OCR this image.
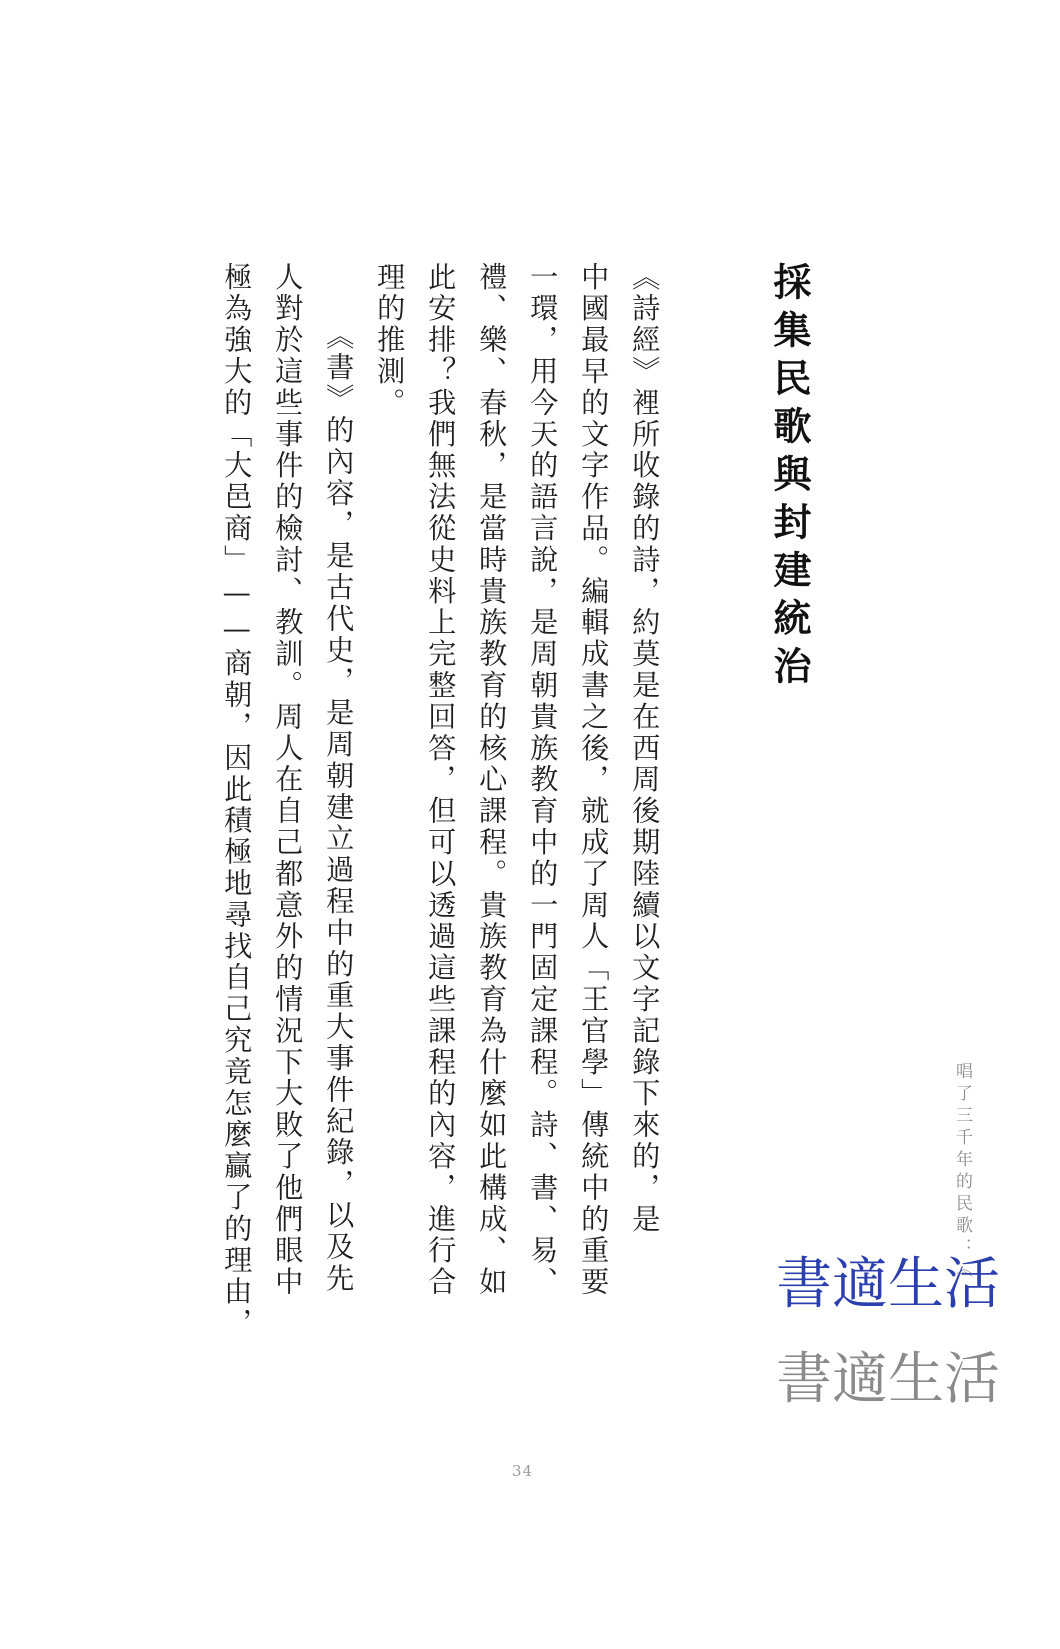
採集民歌與封建統治
《詩經》裡所收錄的詩，約莫是在西周後期陸續以文字記錄下來的，是
中國最早的文字作品。編輯成書之後，就成了周人「王官學」傳統中的重要
一環，用今天的語言說，是周朝貴族教育中的一門固定課程。詩、書、易、
禮、樂、春秋，是當時貴族教育的核心課程。貴族教育為什麼如此構成、如
此安排？我們無法從史料上完整回答，但可以透過這些課程的內容，進行合
理的推測。
《書》的內容，是古代史，是周朝建立過程中的重大事件紀錄，以及先
人對於這些事件的檢討、教訓。周人在自己都意外的情況下大敗了他們眼中
極為強大的「大邑商」——商朝，因此積極地尋找自己究竟怎麼贏了的理由，	唱了三千年的民歌：《
34
書適生活
書適生活
